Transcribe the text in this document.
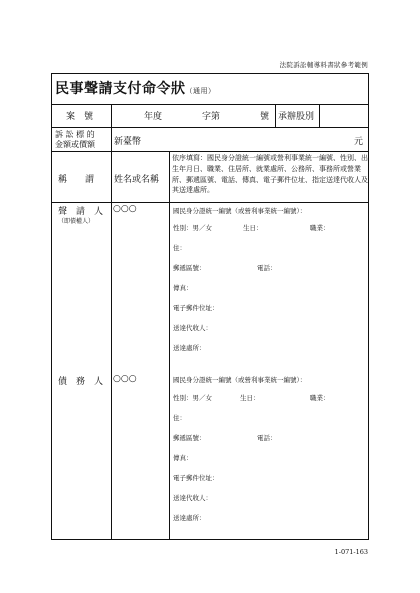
法院訴訟輔導料書狀參考範例
民事聲請支付命令狀（通用）
案　號	年度	字第	號 承辦股別
訴 訟 標 的
金額或價額 新臺幣	元
稱　　謂 姓名或名稱
依序填寫：國民身分證統一編號或營利事業統一編號、性別、出生年月日、職業、住居所、就業處所、公務所、事務所或營業所、郵遞區號、電話、傳真、電子郵件位址、指定送達代收人及其送達處所。
聲　請　人
（即債權人）
○○○	國民身分證統一編號（或營利事業統一編號）：
性別：男／女	生日：	職業：
住：
郵遞區號：	電話：
傳真：
電子郵件位址：
送達代收人：
送達處所：
債　務　人 ○○○	國民身分證統一編號（或營利事業統一編號）：
性別：男／女	生日：	職業：
住：
郵遞區號：	電話：
傳真：
電子郵件位址：
送達代收人：
送達處所：
1-071-163
